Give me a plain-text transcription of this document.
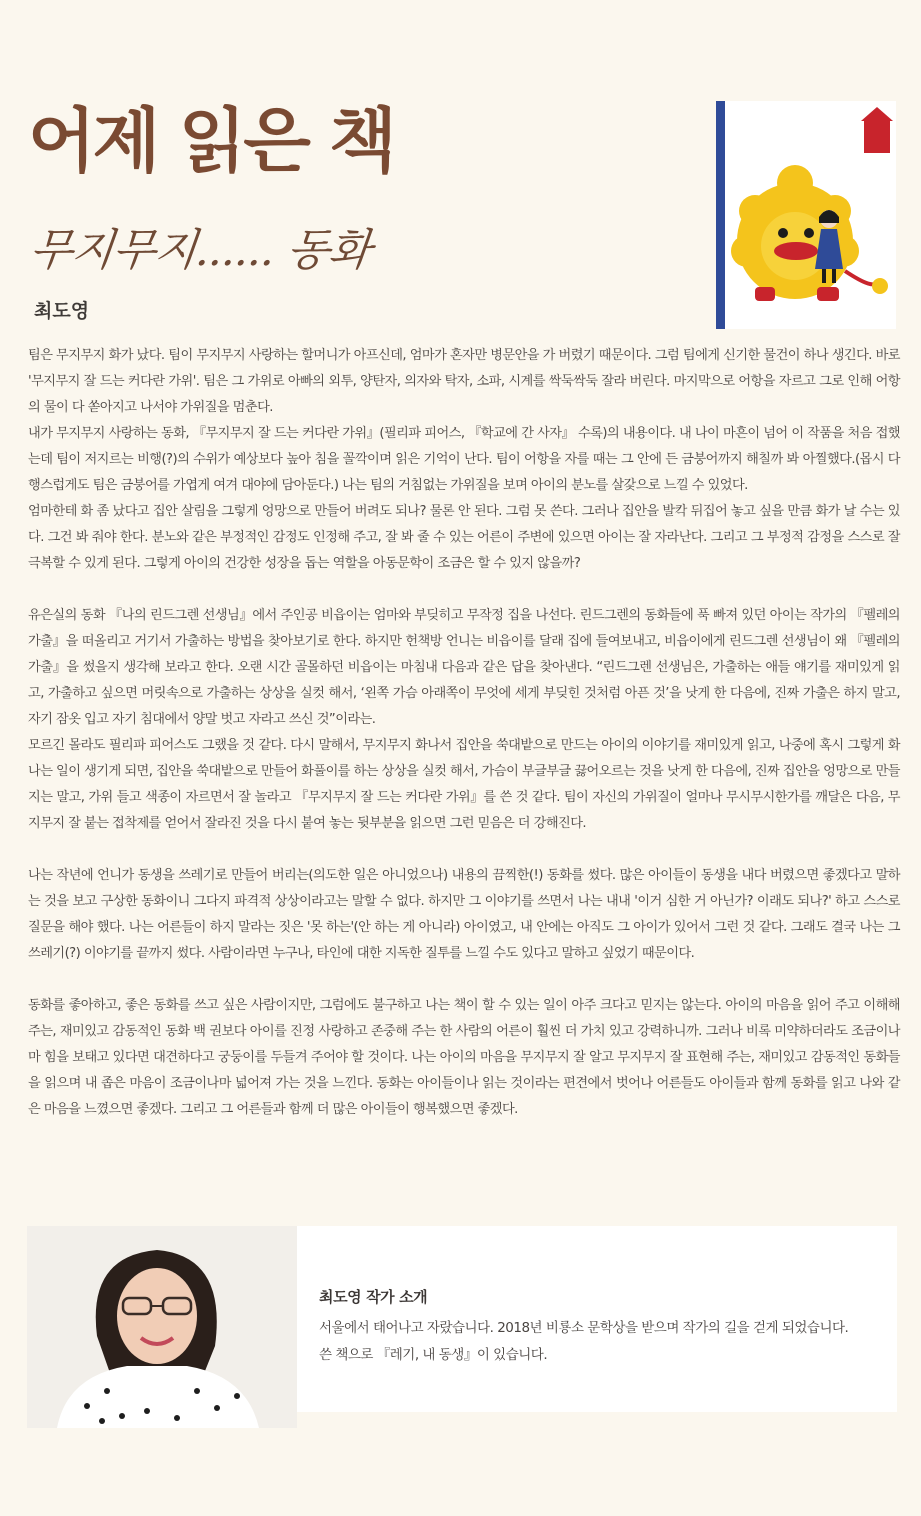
어제 읽은 책
무지무지...... 동화
최도영

팀은 무지무지 화가 났다. 팀이 무지무지 사랑하는 할머니가 아프신데, 엄마가 혼자만 병문안을 가 버렸기 때문이다. 그럼 팀에게 신기한 물건이 하나 생긴다. 바로 '무지무지 잘 드는 커다란 가위'. 팀은 그 가위로 아빠의 외투, 양탄자, 의자와 탁자, 소파, 시계를 싹둑싹둑 잘라 버린다. 마지막으로 어항을 자르고 그로 인해 어항의 물이 다 쏟아지고 나서야 가위질을 멈춘다.

내가 무지무지 사랑하는 동화, 『무지무지 잘 드는 커다란 가위』(필리파 피어스, 『학교에 간 사자』 수록)의 내용이다. 내 나이 마흔이 넘어 이 작품을 처음 접했는데 팀이 저지르는 비행(?)의 수위가 예상보다 높아 침을 꼴깍이며 읽은 기억이 난다. 팀이 어항을 자를 때는 그 안에 든 금붕어까지 해칠까 봐 아찔했다.(몹시 다행스럽게도 팀은 금붕어를 가엽게 여겨 대야에 담아둔다.) 나는 팀의 거침없는 가위질을 보며 아이의 분노를 살갗으로 느낄 수 있었다.

엄마한테 화 좀 났다고 집안 살림을 그렇게 엉망으로 만들어 버려도 되나? 물론 안 된다. 그럼 못 쓴다. 그러나 집안을 발칵 뒤집어 놓고 싶을 만큼 화가 날 수는 있다. 그건 봐 줘야 한다. 분노와 같은 부정적인 감정도 인정해 주고, 잘 봐 줄 수 있는 어른이 주변에 있으면 아이는 잘 자라난다. 그리고 그 부정적 감정을 스스로 잘 극복할 수 있게 된다. 그렇게 아이의 건강한 성장을 돕는 역할을 아동문학이 조금은 할 수 있지 않을까?

유은실의 동화 『나의 린드그렌 선생님』에서 주인공 비읍이는 엄마와 부딪히고 무작정 집을 나선다. 린드그렌의 동화들에 푹 빠져 있던 아이는 작가의 『펠레의 가출』을 떠올리고 거기서 가출하는 방법을 찾아보기로 한다. 하지만 헌책방 언니는 비읍이를 달래 집에 들여보내고, 비읍이에게 린드그렌 선생님이 왜 『펠레의 가출』을 썼을지 생각해 보라고 한다. 오랜 시간 골몰하던 비읍이는 마침내 다음과 같은 답을 찾아낸다. “린드그렌 선생님은, 가출하는 애들 얘기를 재미있게 읽고, 가출하고 싶으면 머릿속으로 가출하는 상상을 실컷 해서, ‘왼쪽 가슴 아래쪽이 무엇에 세게 부딪힌 것처럼 아픈 것’을 낫게 한 다음에, 진짜 가출은 하지 말고, 자기 잠옷 입고 자기 침대에서 양말 벗고 자라고 쓰신 것”이라는.

모르긴 몰라도 필리파 피어스도 그랬을 것 같다. 다시 말해서, 무지무지 화나서 집안을 쑥대밭으로 만드는 아이의 이야기를 재미있게 읽고, 나중에 혹시 그렇게 화나는 일이 생기게 되면, 집안을 쑥대밭으로 만들어 화풀이를 하는 상상을 실컷 해서, 가슴이 부글부글 끓어오르는 것을 낫게 한 다음에, 진짜 집안을 엉망으로 만들지는 말고, 가위 들고 색종이 자르면서 잘 놀라고 『무지무지 잘 드는 커다란 가위』를 쓴 것 같다. 팀이 자신의 가위질이 얼마나 무시무시한가를 깨달은 다음, 무지무지 잘 붙는 접착제를 얻어서 잘라진 것을 다시 붙여 놓는 뒷부분을 읽으면 그런 믿음은 더 강해진다.

나는 작년에 언니가 동생을 쓰레기로 만들어 버리는(의도한 일은 아니었으나) 내용의 끔찍한(!) 동화를 썼다. 많은 아이들이 동생을 내다 버렸으면 좋겠다고 말하는 것을 보고 구상한 동화이니 그다지 파격적 상상이라고는 말할 수 없다. 하지만 그 이야기를 쓰면서 나는 내내 '이거 심한 거 아닌가? 이래도 되나?' 하고 스스로 질문을 해야 했다. 나는 어른들이 하지 말라는 짓은 '못 하는'(안 하는 게 아니라) 아이였고, 내 안에는 아직도 그 아이가 있어서 그런 것 같다. 그래도 결국 나는 그 쓰레기(?) 이야기를 끝까지 썼다. 사람이라면 누구나, 타인에 대한 지독한 질투를 느낄 수도 있다고 말하고 싶었기 때문이다.

동화를 좋아하고, 좋은 동화를 쓰고 싶은 사람이지만, 그럼에도 불구하고 나는 책이 할 수 있는 일이 아주 크다고 믿지는 않는다. 아이의 마음을 읽어 주고 이해해 주는, 재미있고 감동적인 동화 백 권보다 아이를 진정 사랑하고 존중해 주는 한 사람의 어른이 훨씬 더 가치 있고 강력하니까. 그러나 비록 미약하더라도 조금이나마 힘을 보태고 있다면 대견하다고 궁둥이를 두들겨 주어야 할 것이다. 나는 아이의 마음을 무지무지 잘 알고 무지무지 잘 표현해 주는, 재미있고 감동적인 동화들을 읽으며 내 좁은 마음이 조금이나마 넓어져 가는 것을 느낀다. 동화는 아이들이나 읽는 것이라는 편견에서 벗어나 어른들도 아이들과 함께 동화를 읽고 나와 같은 마음을 느꼈으면 좋겠다. 그리고 그 어른들과 함께 더 많은 아이들이 행복했으면 좋겠다.

최도영 작가 소개
서울에서 태어나고 자랐습니다. 2018년 비룡소 문학상을 받으며 작가의 길을 걷게 되었습니다.
쓴 책으로 『레기, 내 동생』이 있습니다.
